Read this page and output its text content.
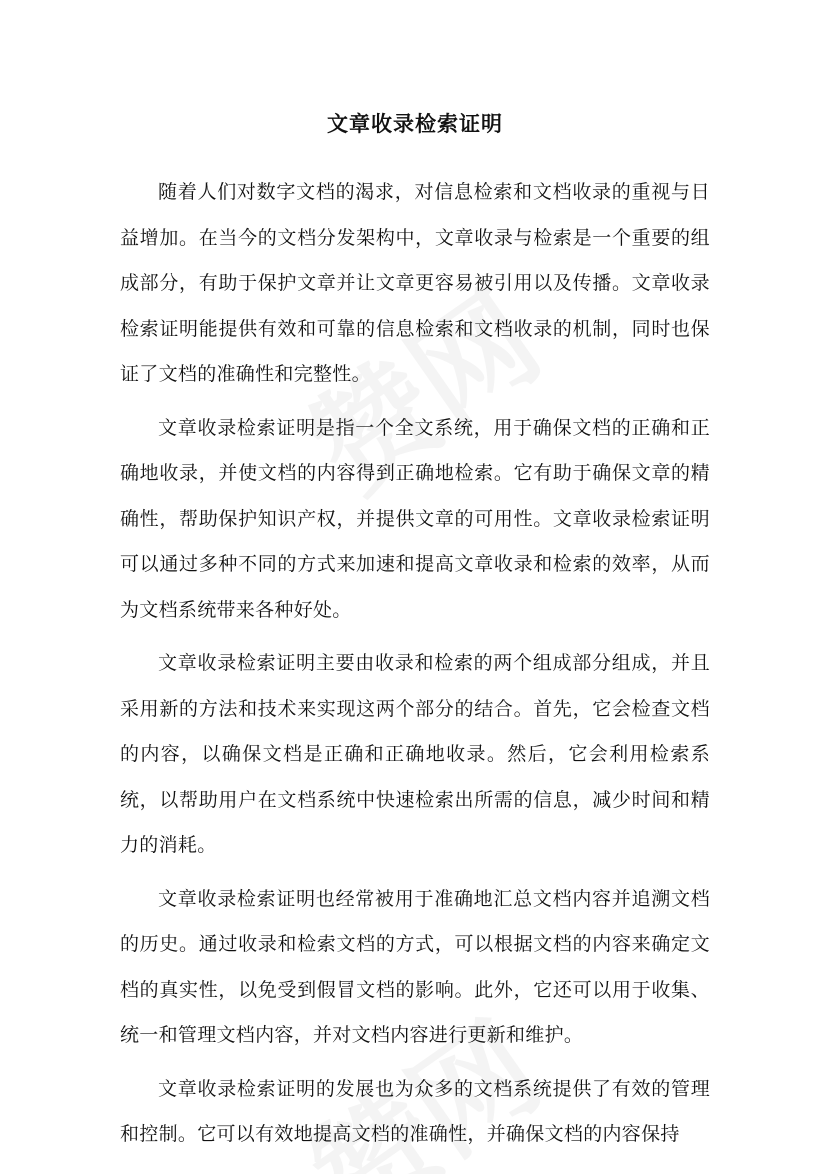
文章收录检索证明

随着人们对数字文档的渴求，对信息检索和文档收录的重视与日益增加。在当今的文档分发架构中，文章收录与检索是一个重要的组成部分，有助于保护文章并让文章更容易被引用以及传播。文章收录检索证明能提供有效和可靠的信息检索和文档收录的机制，同时也保证了文档的准确性和完整性。

文章收录检索证明是指一个全文系统，用于确保文档的正确和正确地收录，并使文档的内容得到正确地检索。它有助于确保文章的精确性，帮助保护知识产权，并提供文章的可用性。文章收录检索证明可以通过多种不同的方式来加速和提高文章收录和检索的效率，从而为文档系统带来各种好处。

文章收录检索证明主要由收录和检索的两个组成部分组成，并且采用新的方法和技术来实现这两个部分的结合。首先，它会检查文档的内容，以确保文档是正确和正确地收录。然后，它会利用检索系统，以帮助用户在文档系统中快速检索出所需的信息，减少时间和精力的消耗。

文章收录检索证明也经常被用于准确地汇总文档内容并追溯文档的历史。通过收录和检索文档的方式，可以根据文档的内容来确定文档的真实性，以免受到假冒文档的影响。此外，它还可以用于收集、统一和管理文档内容，并对文档内容进行更新和维护。

文章收录检索证明的发展也为众多的文档系统提供了有效的管理和控制。它可以有效地提高文档的准确性，并确保文档的内容保持
